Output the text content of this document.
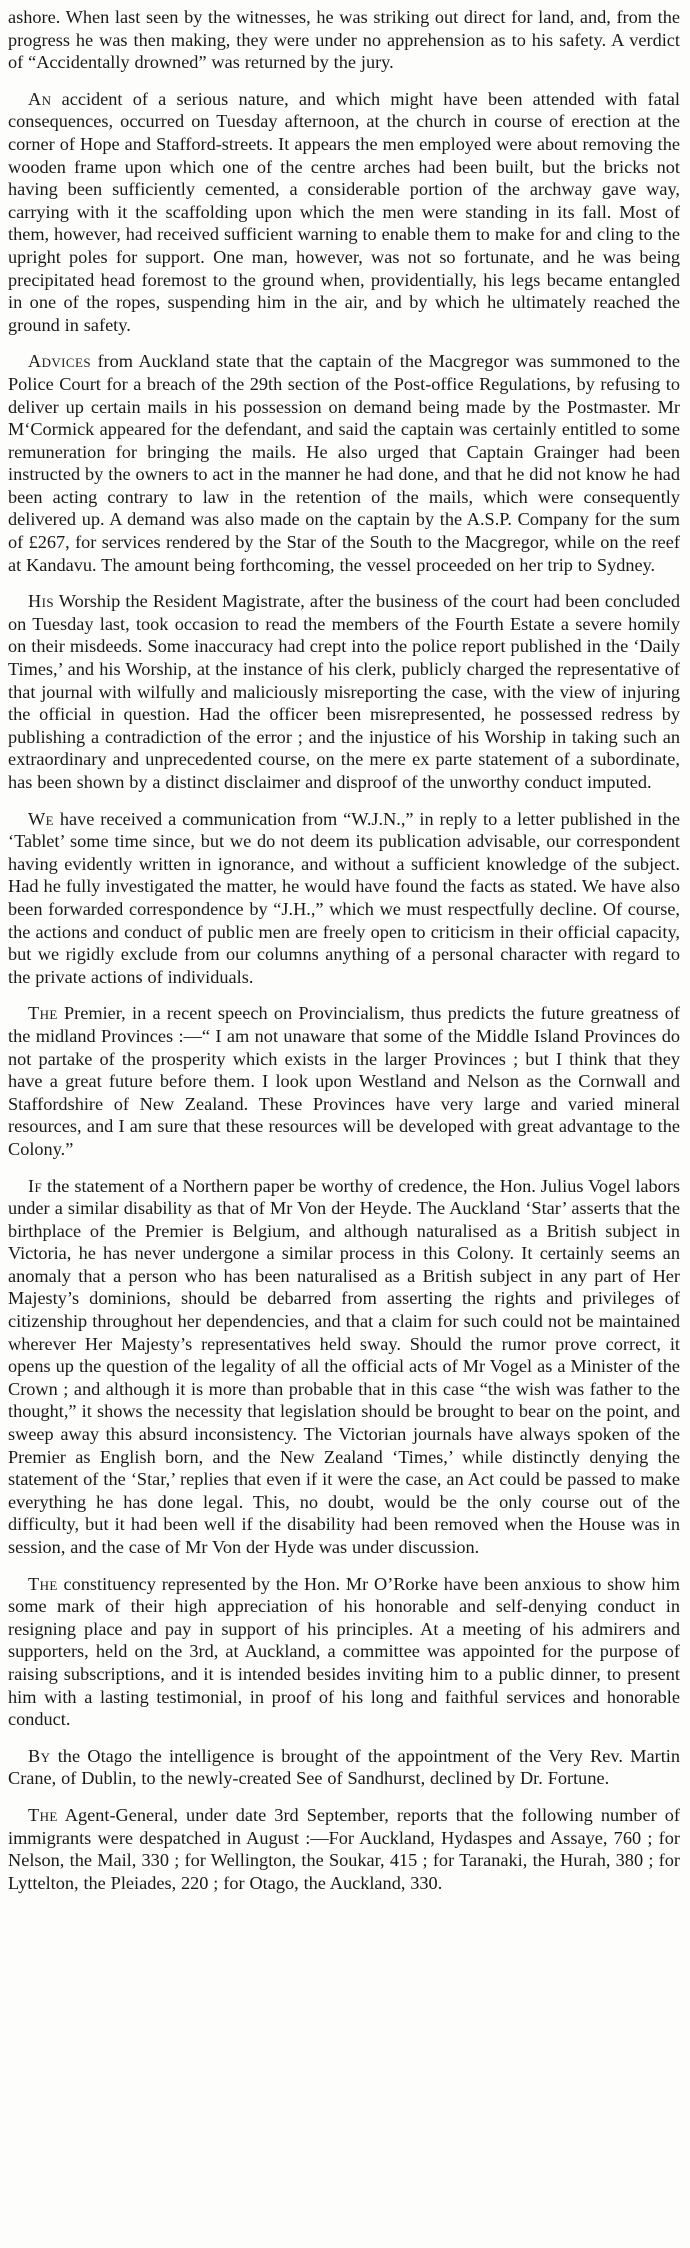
ashore. When last seen by the witnesses, he was striking out direct for land, and, from the progress he was then making, they were under no apprehension as to his safety. A verdict of “Accidentally drowned” was returned by the jury.

An accident of a serious nature, and which might have been attended with fatal consequences, occurred on Tuesday afternoon, at the church in course of erection at the corner of Hope and Stafford-streets. It appears the men employed were about removing the wooden frame upon which one of the centre arches had been built, but the bricks not having been sufficiently cemented, a considerable portion of the archway gave way, carrying with it the scaffolding upon which the men were standing in its fall. Most of them, however, had received sufficient warning to enable them to make for and cling to the upright poles for support. One man, however, was not so fortunate, and he was being precipitated head foremost to the ground when, providentially, his legs became entangled in one of the ropes, suspending him in the air, and by which he ultimately reached the ground in safety.

Advices from Auckland state that the captain of the Macgregor was summoned to the Police Court for a breach of the 29th section of the Post-office Regulations, by refusing to deliver up certain mails in his possession on demand being made by the Postmaster. Mr M‘Cormick appeared for the defendant, and said the captain was certainly entitled to some remuneration for bringing the mails. He also urged that Captain Grainger had been instructed by the owners to act in the manner he had done, and that he did not know he had been acting contrary to law in the retention of the mails, which were consequently delivered up. A demand was also made on the captain by the A.S.P. Company for the sum of £267, for services rendered by the Star of the South to the Macgregor, while on the reef at Kandavu. The amount being forthcoming, the vessel proceeded on her trip to Sydney.

His Worship the Resident Magistrate, after the business of the court had been concluded on Tuesday last, took occasion to read the members of the Fourth Estate a severe homily on their misdeeds. Some inaccuracy had crept into the police report published in the ‘Daily Times,’ and his Worship, at the instance of his clerk, publicly charged the representative of that journal with wilfully and maliciously misreporting the case, with the view of injuring the official in question. Had the officer been misrepresented, he possessed redress by publishing a contradiction of the error ; and the injustice of his Worship in taking such an extraordinary and unprecedented course, on the mere ex parte statement of a subordinate, has been shown by a distinct disclaimer and disproof of the unworthy conduct imputed.

We have received a communication from “W.J.N.,” in reply to a letter published in the ‘Tablet’ some time since, but we do not deem its publication advisable, our correspondent having evidently written in ignorance, and without a sufficient knowledge of the subject. Had he fully investigated the matter, he would have found the facts as stated. We have also been forwarded correspondence by “J.H.,” which we must respectfully decline. Of course, the actions and conduct of public men are freely open to criticism in their official capacity, but we rigidly exclude from our columns anything of a personal character with regard to the private actions of individuals.

The Premier, in a recent speech on Provincialism, thus predicts the future greatness of the midland Provinces :—“ I am not unaware that some of the Middle Island Provinces do not partake of the prosperity which exists in the larger Provinces ; but I think that they have a great future before them. I look upon Westland and Nelson as the Cornwall and Staffordshire of New Zealand. These Provinces have very large and varied mineral resources, and I am sure that these resources will be developed with great advantage to the Colony.”

If the statement of a Northern paper be worthy of credence, the Hon. Julius Vogel labors under a similar disability as that of Mr Von der Heyde. The Auckland ‘Star’ asserts that the birthplace of the Premier is Belgium, and although naturalised as a British subject in Victoria, he has never undergone a similar process in this Colony. It certainly seems an anomaly that a person who has been naturalised as a British subject in any part of Her Majesty’s dominions, should be debarred from asserting the rights and privileges of citizenship throughout her dependencies, and that a claim for such could not be maintained wherever Her Majesty’s representatives held sway. Should the rumor prove correct, it opens up the question of the legality of all the official acts of Mr Vogel as a Minister of the Crown ; and although it is more than probable that in this case “the wish was father to the thought,” it shows the necessity that legislation should be brought to bear on the point, and sweep away this absurd inconsistency. The Victorian journals have always spoken of the Premier as English born, and the New Zealand ‘Times,’ while distinctly denying the statement of the ‘Star,’ replies that even if it were the case, an Act could be passed to make everything he has done legal. This, no doubt, would be the only course out of the difficulty, but it had been well if the disability had been removed when the House was in session, and the case of Mr Von der Hyde was under discussion.

The constituency represented by the Hon. Mr O’Rorke have been anxious to show him some mark of their high appreciation of his honorable and self-denying conduct in resigning place and pay in support of his principles. At a meeting of his admirers and supporters, held on the 3rd, at Auckland, a committee was appointed for the purpose of raising subscriptions, and it is intended besides inviting him to a public dinner, to present him with a lasting testimonial, in proof of his long and faithful services and honorable conduct.

By the Otago the intelligence is brought of the appointment of the Very Rev. Martin Crane, of Dublin, to the newly-created See of Sandhurst, declined by Dr. Fortune.

The Agent-General, under date 3rd September, reports that the following number of immigrants were despatched in August :—For Auckland, Hydaspes and Assaye, 760 ; for Nelson, the Mail, 330 ; for Wellington, the Soukar, 415 ; for Taranaki, the Hurah, 380 ; for Lyttelton, the Pleiades, 220 ; for Otago, the Auckland, 330.
